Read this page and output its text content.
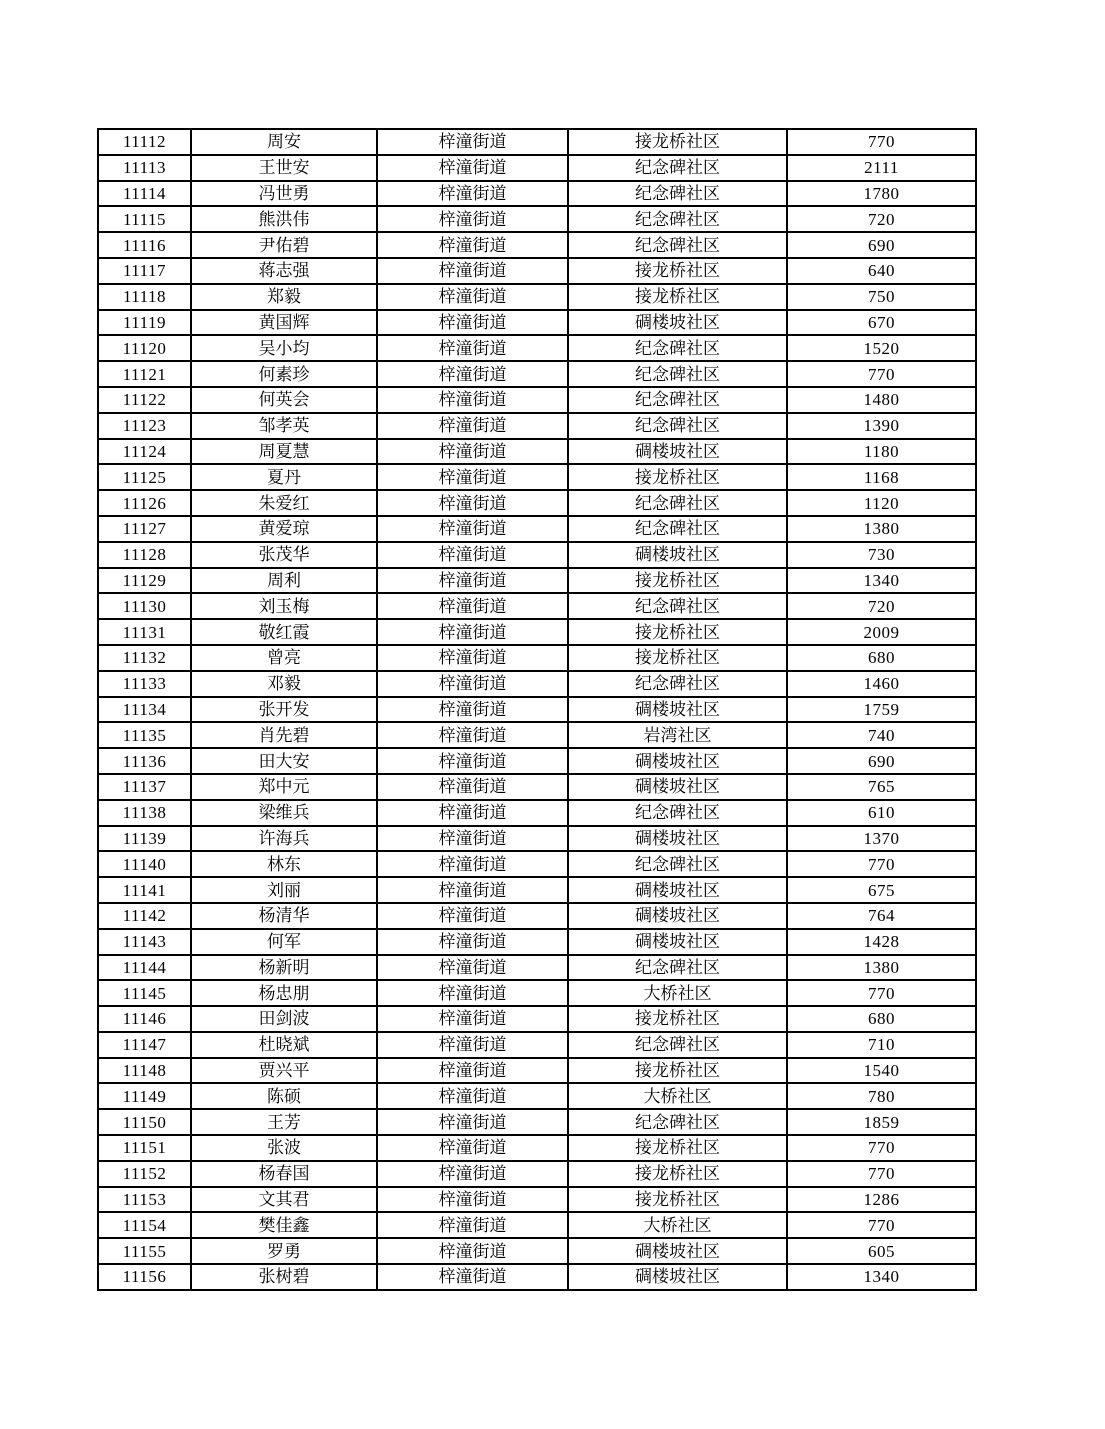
11112	周安	梓潼街道	接龙桥社区	770
11113	王世安	梓潼街道	纪念碑社区	2111
11114	冯世勇	梓潼街道	纪念碑社区	1780
11115	熊洪伟	梓潼街道	纪念碑社区	720
11116	尹佑碧	梓潼街道	纪念碑社区	690
11117	蒋志强	梓潼街道	接龙桥社区	640
11118	郑毅	梓潼街道	接龙桥社区	750
11119	黄国辉	梓潼街道	碉楼坡社区	670
11120	吴小均	梓潼街道	纪念碑社区	1520
11121	何素珍	梓潼街道	纪念碑社区	770
11122	何英会	梓潼街道	纪念碑社区	1480
11123	邹孝英	梓潼街道	纪念碑社区	1390
11124	周夏慧	梓潼街道	碉楼坡社区	1180
11125	夏丹	梓潼街道	接龙桥社区	1168
11126	朱爱红	梓潼街道	纪念碑社区	1120
11127	黄爱琼	梓潼街道	纪念碑社区	1380
11128	张茂华	梓潼街道	碉楼坡社区	730
11129	周利	梓潼街道	接龙桥社区	1340
11130	刘玉梅	梓潼街道	纪念碑社区	720
11131	敬红霞	梓潼街道	接龙桥社区	2009
11132	曾亮	梓潼街道	接龙桥社区	680
11133	邓毅	梓潼街道	纪念碑社区	1460
11134	张开发	梓潼街道	碉楼坡社区	1759
11135	肖先碧	梓潼街道	岩湾社区	740
11136	田大安	梓潼街道	碉楼坡社区	690
11137	郑中元	梓潼街道	碉楼坡社区	765
11138	梁维兵	梓潼街道	纪念碑社区	610
11139	许海兵	梓潼街道	碉楼坡社区	1370
11140	林东	梓潼街道	纪念碑社区	770
11141	刘丽	梓潼街道	碉楼坡社区	675
11142	杨清华	梓潼街道	碉楼坡社区	764
11143	何军	梓潼街道	碉楼坡社区	1428
11144	杨新明	梓潼街道	纪念碑社区	1380
11145	杨忠朋	梓潼街道	大桥社区	770
11146	田剑波	梓潼街道	接龙桥社区	680
11147	杜晓斌	梓潼街道	纪念碑社区	710
11148	贾兴平	梓潼街道	接龙桥社区	1540
11149	陈硕	梓潼街道	大桥社区	780
11150	王芳	梓潼街道	纪念碑社区	1859
11151	张波	梓潼街道	接龙桥社区	770
11152	杨春国	梓潼街道	接龙桥社区	770
11153	文其君	梓潼街道	接龙桥社区	1286
11154	樊佳鑫	梓潼街道	大桥社区	770
11155	罗勇	梓潼街道	碉楼坡社区	605
11156	张树碧	梓潼街道	碉楼坡社区	1340
